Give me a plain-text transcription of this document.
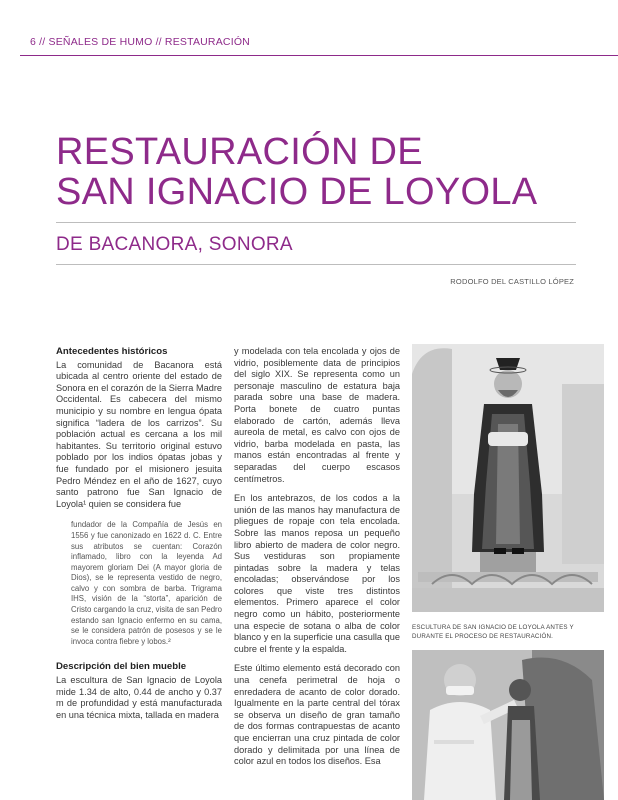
6 // SEÑALES DE HUMO // RESTAURACIÓN
RESTAURACIÓN DE
SAN IGNACIO DE LOYOLA
DE BACANORA, SONORA
RODOLFO DEL CASTILLO LÓPEZ
Antecedentes históricos

La comunidad de Bacanora está ubicada al centro oriente del estado de Sonora en el corazón de la Sierra Madre Occidental. Es cabecera del mismo municipio y su nombre en lengua ópata significa “ladera de los carrizos”. Su población actual es cercana a los mil habitantes. Su territorio original estuvo poblado por los indios ópatas jobas y fue fundado por el misionero jesuita Pedro Méndez en el año de 1627, cuyo santo patrono fue San Ignacio de Loyola¹ quien se considera fue

fundador de la Compañía de Jesús en 1556 y fue canonizado en 1622 d. C. Entre sus atributos se cuentan: Corazón inflamado, libro con la leyenda Ad mayorem gloriam Dei (A mayor gloria de Dios), se le representa vestido de negro, calvo y con sombra de barba. Trigrama IHS, visión de la “storta”, aparición de Cristo cargando la cruz, visita de san Pedro estando san Ignacio enfermo en su cama, se le considera patrón de posesos y se le invoca contra fiebre y lobos.²
Descripción del bien mueble

La escultura de San Ignacio de Loyola mide 1.34 de alto, 0.44 de ancho y 0.37 m de profundidad y está manufacturada en una técnica mixta, tallada en madera

y modelada con tela encolada y ojos de vidrio, posiblemente data de principios del siglo XIX. Se representa como un personaje masculino de estatura baja parada sobre una base de madera. Porta bonete de cuatro puntas elaborado de cartón, además lleva aureola de metal, es calvo con ojos de vidrio, barba modelada en pasta, las manos están encontradas al frente y separadas del cuerpo escasos centímetros.

En los antebrazos, de los codos a la unión de las manos hay manufactura de pliegues de ropaje con tela encolada. Sobre las manos reposa un pequeño libro abierto de madera de color negro. Sus vestiduras son propiamente pintadas sobre la madera y telas encoladas; observándose por los colores que viste tres distintos elementos. Primero aparece el color negro como un hábito, posteriormente una especie de sotana o alba de color blanco y en la superficie una casulla que cubre el frente y la espalda.

Este último elemento está decorado con una cenefa perimetral de hoja o enredadera de acanto de color dorado. Igualmente en la parte central del tórax se observa un diseño de gran tamaño de dos formas contrapuestas de acanto que encierran una cruz pintada de color dorado y delimitada por una línea de color azul en todos los diseños. Esa

ESCULTURA DE SAN IGNACIO DE LOYOLA ANTES Y DURANTE EL PROCESO DE RESTAURACIÓN.
